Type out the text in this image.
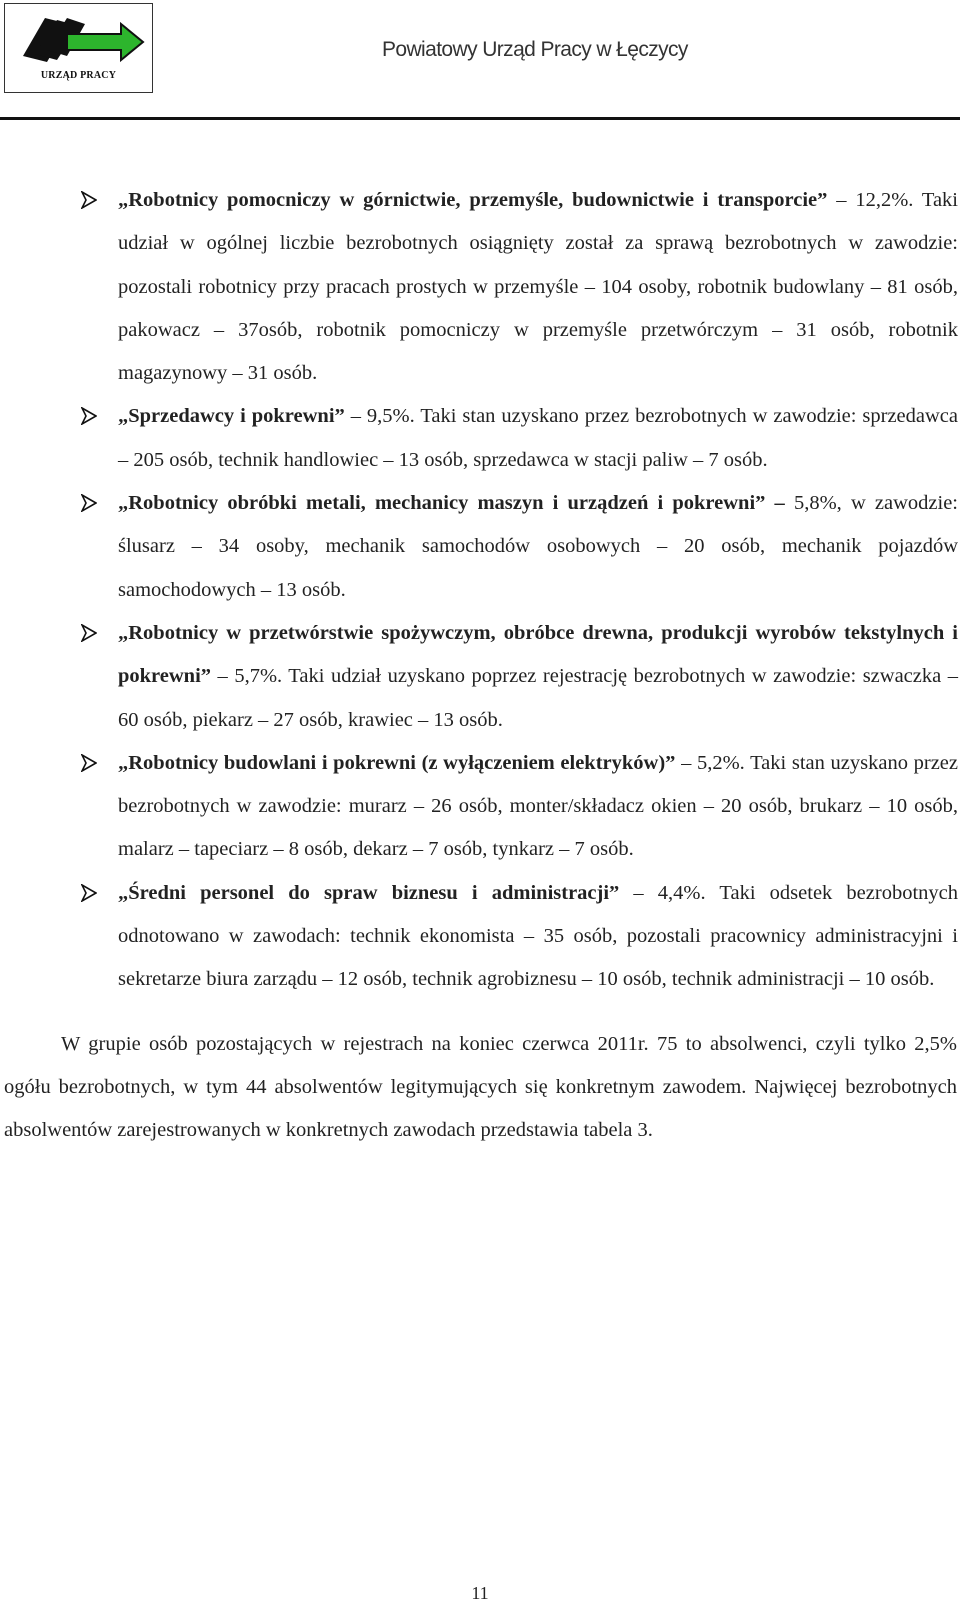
URZĄD PRACY
Powiatowy Urząd Pracy w Łęczycy
„Robotnicy pomocniczy w górnictwie, przemyśle, budownictwie i transporcie” – 12,2%. Taki udział w ogólnej liczbie bezrobotnych osiągnięty został za sprawą bezrobotnych w zawodzie: pozostali robotnicy przy pracach prostych w przemyśle – 104 osoby, robotnik budowlany – 81 osób, pakowacz – 37osób, robotnik pomocniczy w przemyśle przetwórczym – 31 osób, robotnik magazynowy – 31 osób.
„Sprzedawcy i pokrewni” – 9,5%. Taki stan uzyskano przez bezrobotnych w zawodzie: sprzedawca – 205 osób, technik handlowiec – 13 osób, sprzedawca w stacji paliw – 7 osób.
„Robotnicy obróbki metali, mechanicy maszyn i urządzeń i pokrewni” – 5,8%, w zawodzie: ślusarz – 34 osoby, mechanik samochodów osobowych – 20 osób, mechanik pojazdów samochodowych – 13 osób.
„Robotnicy w przetwórstwie spożywczym, obróbce drewna, produkcji wyrobów tekstylnych i pokrewni” – 5,7%. Taki udział uzyskano poprzez rejestrację bezrobotnych w zawodzie: szwaczka – 60 osób, piekarz – 27 osób, krawiec – 13 osób.
„Robotnicy budowlani i pokrewni (z wyłączeniem elektryków)” – 5,2%. Taki stan uzyskano przez bezrobotnych w zawodzie: murarz – 26 osób, monter/składacz okien – 20 osób, brukarz – 10 osób, malarz – tapeciarz – 8 osób, dekarz – 7 osób, tynkarz – 7 osób.
„Średni personel do spraw biznesu i administracji” – 4,4%. Taki odsetek bezrobotnych odnotowano w zawodach: technik ekonomista – 35 osób, pozostali pracownicy administracyjni i sekretarze biura zarządu – 12 osób, technik agrobiznesu – 10 osób, technik administracji – 10 osób.

W grupie osób pozostających w rejestrach na koniec czerwca 2011r. 75 to absolwenci, czyli tylko 2,5% ogółu bezrobotnych, w tym 44 absolwentów legitymujących się konkretnym zawodem. Najwięcej bezrobotnych absolwentów zarejestrowanych w konkretnych zawodach przedstawia tabela 3.

11
